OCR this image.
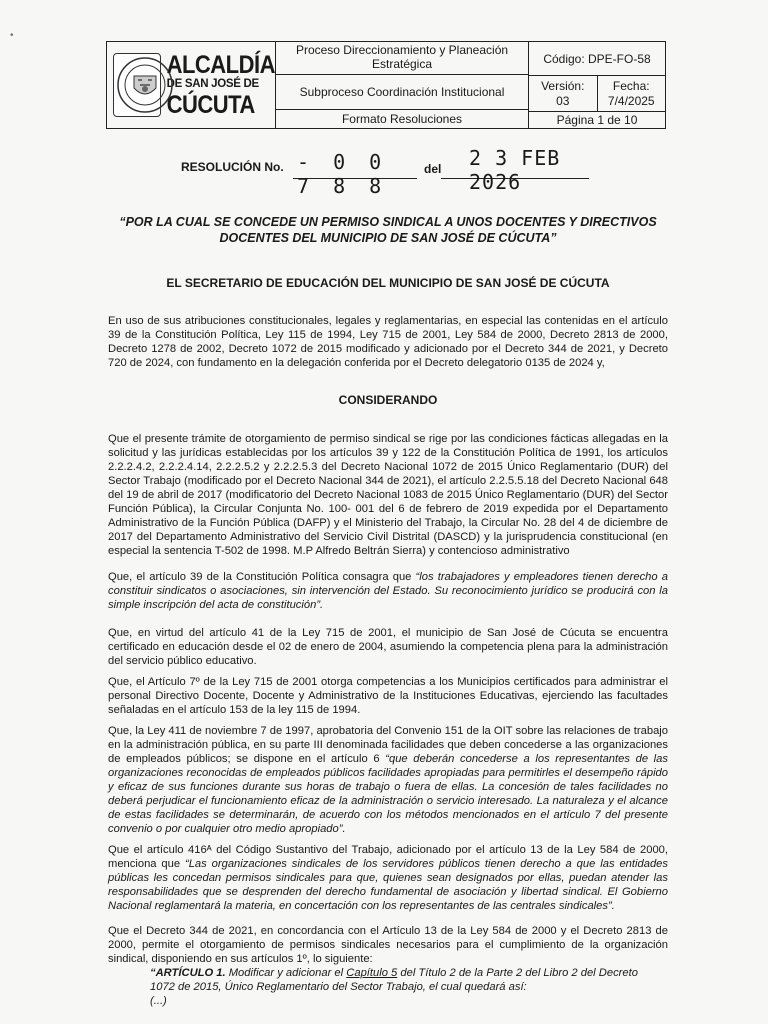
ALCALDÍA
DE SAN JOSÉ DE
CÚCUTA
Proceso Direccionamiento y Planeación Estratégica
Subproceso Coordinación Institucional
Formato Resoluciones
Código: DPE-FO-58
Versión:
03
Fecha:
7/4/2025
Página 1 de 10
RESOLUCIÓN No. - 0 0 7 8 8
del 2 3 FEB 2026
“POR LA CUAL SE CONCEDE UN PERMISO SINDICAL A UNOS DOCENTES Y DIRECTIVOS DOCENTES DEL MUNICIPIO DE SAN JOSÉ DE CÚCUTA”
EL SECRETARIO DE EDUCACIÓN DEL MUNICIPIO DE SAN JOSÉ DE CÚCUTA
En uso de sus atribuciones constitucionales, legales y reglamentarias, en especial las contenidas en el artículo 39 de la Constitución Política, Ley 115 de 1994, Ley 715 de 2001, Ley 584 de 2000, Decreto 2813 de 2000, Decreto 1278 de 2002, Decreto 1072 de 2015 modificado y adicionado por el Decreto 344 de 2021, y Decreto 720 de 2024, con fundamento en la delegación conferida por el Decreto delegatorio 0135 de 2024 y,
CONSIDERANDO
Que el presente trámite de otorgamiento de permiso sindical se rige por las condiciones fácticas allegadas en la solicitud y las jurídicas establecidas por los artículos 39 y 122 de la Constitución Política de 1991, los artículos 2.2.2.4.2, 2.2.2.4.14, 2.2.2.5.2 y 2.2.2.5.3 del Decreto Nacional 1072 de 2015 Único Reglamentario (DUR) del Sector Trabajo (modificado por el Decreto Nacional 344 de 2021), el artículo 2.2.5.5.18 del Decreto Nacional 648 del 19 de abril de 2017 (modificatorio del Decreto Nacional 1083 de 2015 Único Reglamentario (DUR) del Sector Función Pública), la Circular Conjunta No. 100- 001 del 6 de febrero de 2019 expedida por el Departamento Administrativo de la Función Pública (DAFP) y el Ministerio del Trabajo, la Circular No. 28 del 4 de diciembre de 2017 del Departamento Administrativo del Servicio Civil Distrital (DASCD) y la jurisprudencia constitucional (en especial la sentencia T-502 de 1998. M.P Alfredo Beltrán Sierra) y contencioso administrativo
Que, el artículo 39 de la Constitución Política consagra que “los trabajadores y empleadores tienen derecho a constituir sindicatos o asociaciones, sin intervención del Estado. Su reconocimiento jurídico se producirá con la simple inscripción del acta de constitución”.
Que, en virtud del artículo 41 de la Ley 715 de 2001, el municipio de San José de Cúcuta se encuentra certificado en educación desde el 02 de enero de 2004, asumiendo la competencia plena para la administración del servicio público educativo.
Que, el Artículo 7º de la Ley 715 de 2001 otorga competencias a los Municipios certificados para administrar el personal Directivo Docente, Docente y Administrativo de la Instituciones Educativas, ejerciendo las facultades señaladas en el artículo 153 de la ley 115 de 1994.
Que, la Ley 411 de noviembre 7 de 1997, aprobatoria del Convenio 151 de la OIT sobre las relaciones de trabajo en la administración pública, en su parte III denominada facilidades que deben concederse a las organizaciones de empleados públicos; se dispone en el artículo 6 “que deberán concederse a los representantes de las organizaciones reconocidas de empleados públicos facilidades apropiadas para permitirles el desempeño rápido y eficaz de sus funciones durante sus horas de trabajo o fuera de ellas. La concesión de tales facilidades no deberá perjudicar el funcionamiento eficaz de la administración o servicio interesado. La naturaleza y el alcance de estas facilidades se determinarán, de acuerdo con los métodos mencionados en el artículo 7 del presente convenio o por cualquier otro medio apropiado”.
Que el artículo 416ᴬ del Código Sustantivo del Trabajo, adicionado por el artículo 13 de la Ley 584 de 2000, menciona que “Las organizaciones sindicales de los servidores públicos tienen derecho a que las entidades públicas les concedan permisos sindicales para que, quienes sean designados por ellas, puedan atender las responsabilidades que se desprenden del derecho fundamental de asociación y libertad sindical. El Gobierno Nacional reglamentará la materia, en concertación con los representantes de las centrales sindicales”.
Que el Decreto 344 de 2021, en concordancia con el Artículo 13 de la Ley 584 de 2000 y el Decreto 2813 de 2000, permite el otorgamiento de permisos sindicales necesarios para el cumplimiento de la organización sindical, disponiendo en sus artículos 1º, lo siguiente:
“ARTÍCULO 1. Modificar y adicionar el Capítulo 5 del Título 2 de la Parte 2 del Libro 2 del Decreto 1072 de 2015, Único Reglamentario del Sector Trabajo, el cual quedará así:
(...)
•
